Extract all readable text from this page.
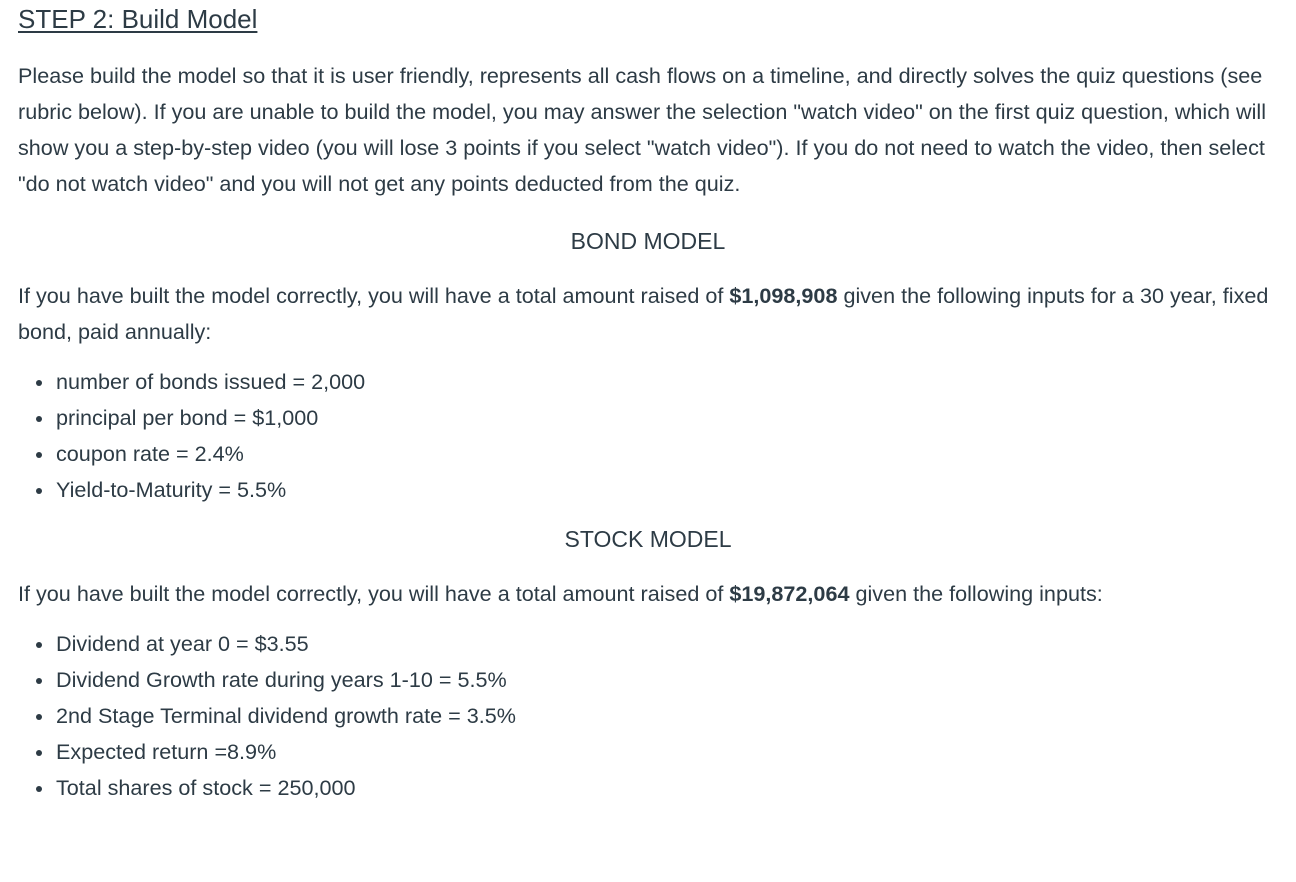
STEP 2: Build Model

Please build the model so that it is user friendly, represents all cash flows on a timeline, and directly solves the quiz questions (see rubric below). If you are unable to build the model, you may answer the selection "watch video" on the first quiz question, which will show you a step-by-step video (you will lose 3 points if you select "watch video"). If you do not need to watch the video, then select "do not watch video" and you will not get any points deducted from the quiz.

BOND MODEL

If you have built the model correctly, you will have a total amount raised of $1,098,908 given the following inputs for a 30 year, fixed bond, paid annually:

number of bonds issued = 2,000
principal per bond = $1,000
coupon rate = 2.4%
Yield-to-Maturity = 5.5%
STOCK MODEL

If you have built the model correctly, you will have a total amount raised of $19,872,064 given the following inputs:

Dividend at year 0 = $3.55
Dividend Growth rate during years 1-10 = 5.5%
2nd Stage Terminal dividend growth rate = 3.5%
Expected return =8.9%
Total shares of stock = 250,000
